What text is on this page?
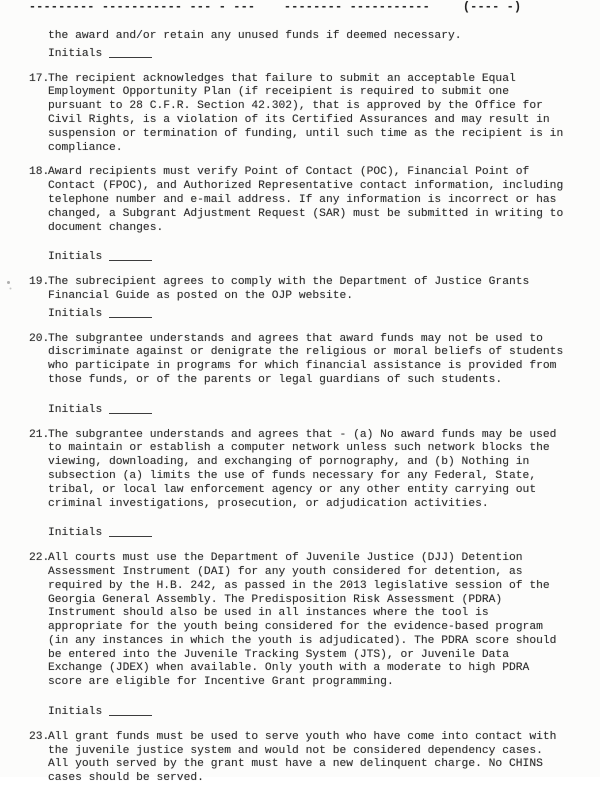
--------- ----------- --- - --- -------- -----------	(---- -)
the award and/or retain any unused funds if deemed necessary.
Initials
17.
The recipient acknowledges that failure to submit an acceptable Equal
Employment Opportunity Plan (if receipient is required to submit one
pursuant to 28 C.F.R. Section 42.302), that is approved by the Office for
Civil Rights, is a violation of its Certified Assurances and may result in
suspension or termination of funding, until such time as the recipient is in
compliance.
18.
Award recipients must verify Point of Contact (POC), Financial Point of
Contact (FPOC), and Authorized Representative contact information, including
telephone number and e-mail address. If any information is incorrect or has
changed, a Subgrant Adjustment Request (SAR) must be submitted in writing to
document changes.
Initials
19.
The subrecipient agrees to comply with the Department of Justice Grants
Financial Guide as posted on the OJP website.
Initials
20.
The subgrantee understands and agrees that award funds may not be used to
discriminate against or denigrate the religious or moral beliefs of students
who participate in programs for which financial assistance is provided from
those funds, or of the parents or legal guardians of such students.
Initials
21.
The subgrantee understands and agrees that - (a) No award funds may be used
to maintain or establish a computer network unless such network blocks the
viewing, downloading, and exchanging of pornography, and (b) Nothing in
subsection (a) limits the use of funds necessary for any Federal, State,
tribal, or local law enforcement agency or any other entity carrying out
criminal investigations, prosecution, or adjudication activities.
Initials
22.
All courts must use the Department of Juvenile Justice (DJJ) Detention
Assessment Instrument (DAI) for any youth considered for detention, as
required by the H.B. 242, as passed in the 2013 legislative session of the
Georgia General Assembly. The Predisposition Risk Assessment (PDRA)
Instrument should also be used in all instances where the tool is
appropriate for the youth being considered for the evidence-based program
(in any instances in which the youth is adjudicated). The PDRA score should
be entered into the Juvenile Tracking System (JTS), or Juvenile Data
Exchange (JDEX) when available. Only youth with a moderate to high PDRA
score are eligible for Incentive Grant programming.
Initials
23.
All grant funds must be used to serve youth who have come into contact with
the juvenile justice system and would not be considered dependency cases.
All youth served by the grant must have a new delinquent charge. No CHINS
cases should be served.
